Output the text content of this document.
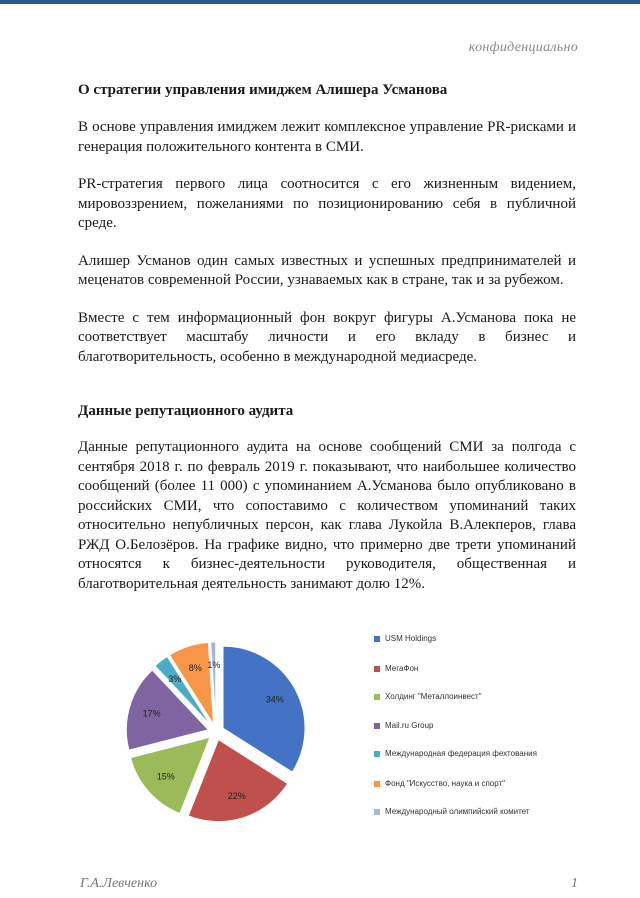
конфиденциально
О стратегии управления имиджем Алишера Усманова

В основе управления имиджем лежит комплексное управление PR-рисками и генерация положительного контента в СМИ.

PR-стратегия первого лица соотносится с его жизненным видением, мировоззрением, пожеланиями по позиционированию себя в публичной среде.

Алишер Усманов один самых известных и успешных предпринимателей и меценатов современной России, узнаваемых как в стране, так и за рубежом.

Вместе с тем информационный фон вокруг фигуры А.Усманова пока не соответствует масштабу личности и его вкладу в бизнес и благотворительность, особенно в международной медиасреде.

Данные репутационного аудита

Данные репутационного аудита на основе сообщений СМИ за полгода с сентября 2018 г. по февраль 2019 г. показывают, что наибольшее количество сообщений (более 11 000) с упоминанием А.Усманова было опубликовано в российских СМИ, что сопоставимо с количеством упоминаний таких относительно непубличных персон, как глава Лукойла В.Алекперов, глава РЖД О.Белозёров. На графике видно, что примерно две трети упоминаний относятся к бизнес-деятельности руководителя, общественная и благотворительная деятельность занимают долю 12%.

34%
22%
15%
17%
3%
8% 1%
USM Holdings
МегаФон
Холдинг "Металлоинвест"
Mail.ru Group
Международная федерация фехтования
Фонд "Искусство, наука и спорт"
Международный олимпийский комитет
Г.А.Левченко	1
